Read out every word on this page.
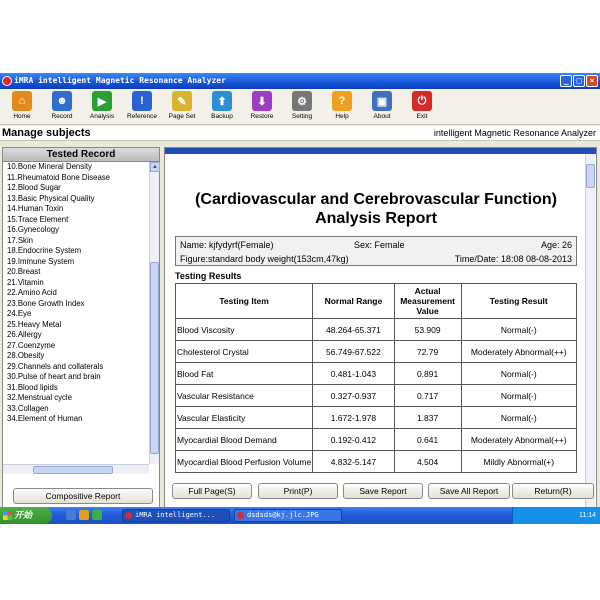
iMRA intelligent Magnetic Resonance Analyzer	_	□	×
⌂
Home
☻
Record
▶
Analysis
!
Reference
✎
Page Set
⬆
Backup
⬇
Restore
⚙
Setting
?
Help
▣
About
⏻
Exit
Manage subjects	intelligent Magnetic Resonance Analyzer
Tested Record
10.Bone Mineral Density
11.Rheumatoid Bone Disease
12.Blood Sugar
13.Basic Physical Quality
14.Human Toxin
15.Trace Element
16.Gynecology
17.Skin
18.Endocrine System
19.Immune System
20.Breast
21.Vitamin
22.Amino Acid
23.Bone Growth Index
24.Eye
25.Heavy Metal
26.Allergy
27.Coenzyme
28.Obesity
29.Channels and collaterals
30.Pulse of heart and brain
31.Blood lipids
32.Menstrual cycle
33.Collagen
34.Element of Human
▲
Compositive Report
(Cardiovascular and Cerebrovascular Function) Analysis Report
Name: kjfydyrf(Female)	Sex: Female	Age: 26
Figure:standard body weight(153cm,47kg)	Time/Date: 18:08 08-08-2013
Testing Results
Testing Item	Normal Range	Actual Measurement Value	Testing Result
Blood Viscosity	48.264-65.371	53.909	Normal(-)
Cholesterol Crystal	56.749-67.522	72.79	Moderately Abnormal(++)
Blood Fat	0.481-1.043	0.891	Normal(-)
Vascular Resistance	0.327-0.937	0.717	Normal(-)
Vascular Elasticity	1.672-1.978	1.837	Normal(-)
Myocardial Blood Demand	0.192-0.412	0.641	Moderately Abnormal(++)
Myocardial Blood Perfusion Volume	4.832-5.147	4.504	Mildly Abnormal(+)
Full Page(S)	Print(P)	Save Report	Save All Report	Return(R)
开始	iMRA intelligent...	dsdsds@kj.jlc.JPG	11:14
